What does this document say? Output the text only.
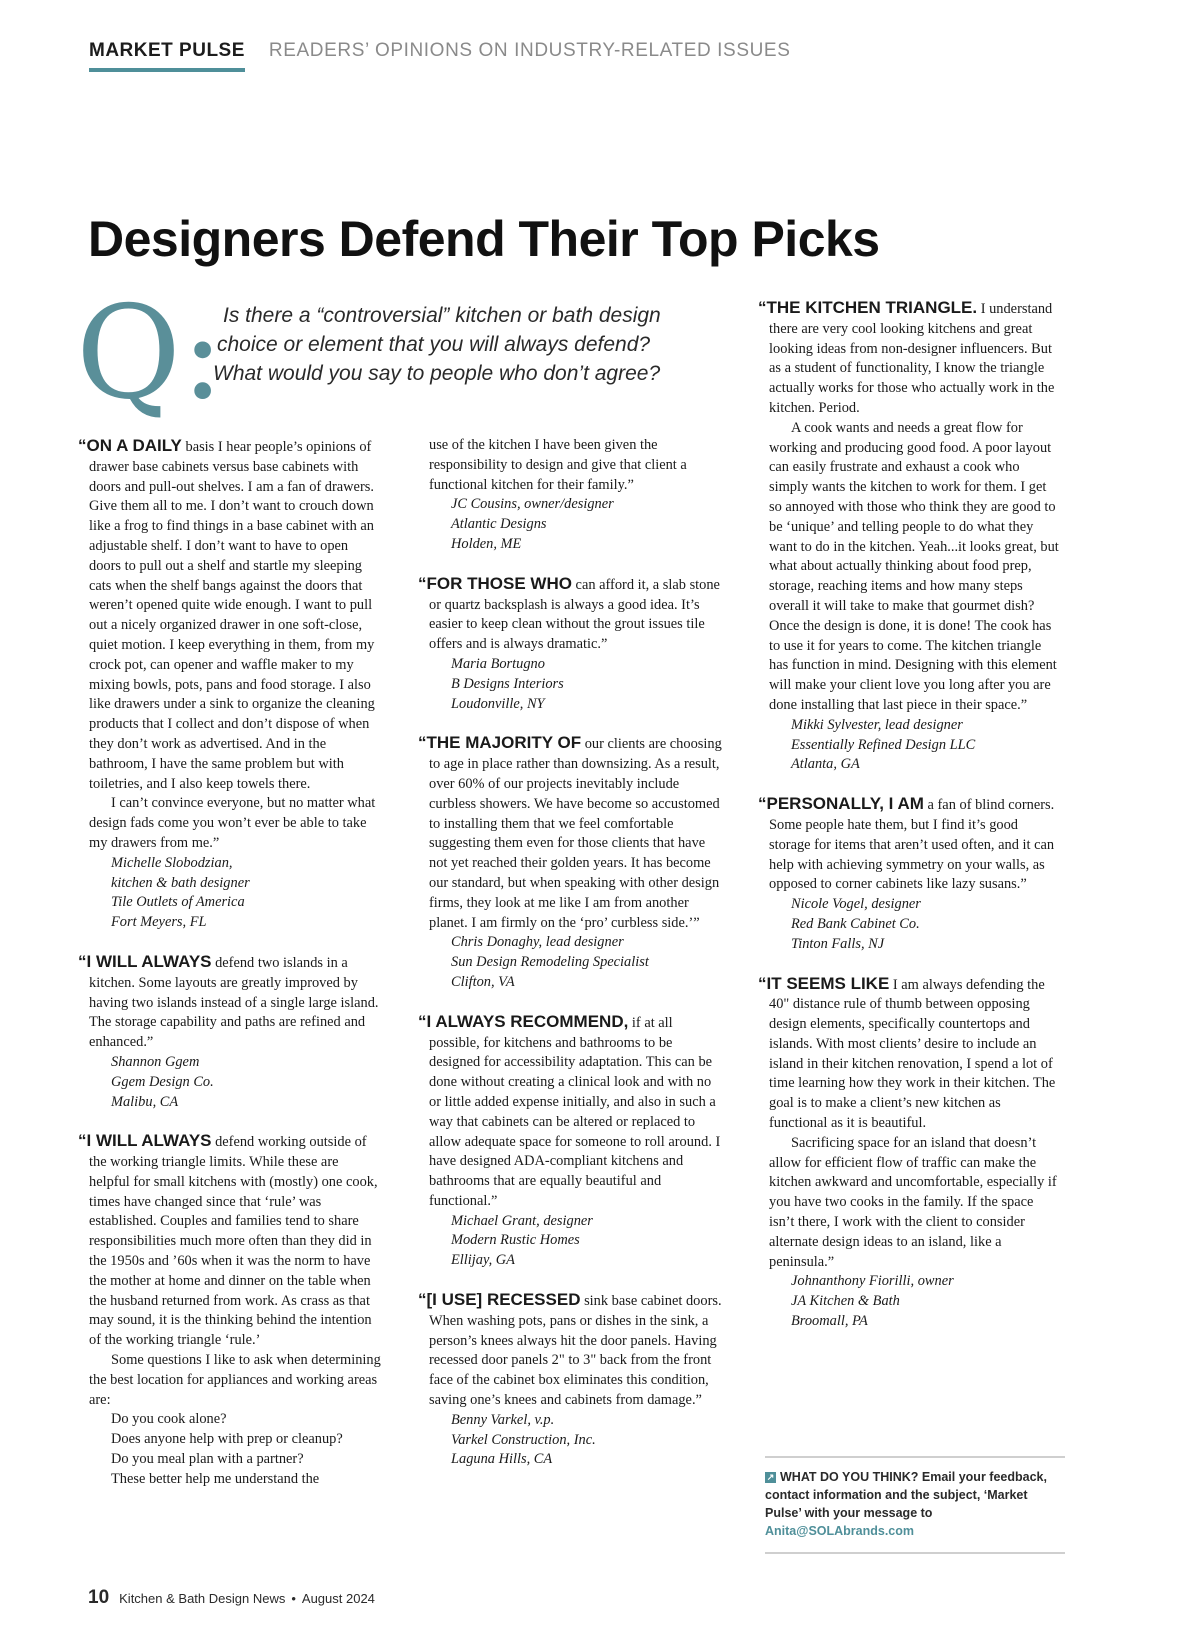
MARKET PULSE READERS’ OPINIONS ON INDUSTRY-RELATED ISSUES
Designers Defend Their Top Picks
Q:
Is there a “controversial” kitchen or bath design
choice or element that you will always defend?
What would you say to people who don’t agree?

“ON A DAILY basis I hear people’s opinions of drawer base cabinets versus base cabinets with doors and pull-out shelves. I am a fan of drawers. Give them all to me. I don’t want to crouch down like a frog to find things in a base cabinet with an adjustable shelf. I don’t want to have to open doors to pull out a shelf and startle my sleeping cats when the shelf bangs against the doors that weren’t opened quite wide enough. I want to pull out a nicely organized drawer in one soft-close, quiet motion. I keep everything in them, from my crock pot, can opener and waffle maker to my mixing bowls, pots, pans and food storage. I also like drawers under a sink to organize the cleaning products that I collect and don’t dispose of when they don’t work as advertised. And in the bathroom, I have the same problem but with toiletries, and I also keep towels there.

I can’t convince everyone, but no matter what design fads come you won’t ever be able to take my drawers from me.”

Michelle Slobodzian,
kitchen & bath designer
Tile Outlets of America
Fort Meyers, FL

“I WILL ALWAYS defend two islands in a kitchen. Some layouts are greatly improved by having two islands instead of a single large island. The storage capability and paths are refined and enhanced.”

Shannon Ggem
Ggem Design Co.
Malibu, CA

“I WILL ALWAYS defend working outside of the working triangle limits. While these are helpful for small kitchens with (mostly) one cook, times have changed since that ‘rule’ was established. Couples and families tend to share responsibilities much more often than they did in the 1950s and ’60s when it was the norm to have the mother at home and dinner on the table when the husband returned from work. As crass as that may sound, it is the thinking behind the intention of the working triangle ‘rule.’

Some questions I like to ask when determining the best location for appliances and working areas are:

Do you cook alone?
Does anyone help with prep or cleanup?
Do you meal plan with a partner?
These better help me understand the

use of the kitchen I have been given the responsibility to design and give that client a functional kitchen for their family.”

JC Cousins, owner/designer
Atlantic Designs
Holden, ME

“FOR THOSE WHO can afford it, a slab stone or quartz backsplash is always a good idea. It’s easier to keep clean without the grout issues tile offers and is always dramatic.”

Maria Bortugno
B Designs Interiors
Loudonville, NY

“THE MAJORITY OF our clients are choosing to age in place rather than downsizing. As a result, over 60% of our projects inevitably include curbless showers. We have become so accustomed to installing them that we feel comfortable suggesting them even for those clients that have not yet reached their golden years. It has become our standard, but when speaking with other design firms, they look at me like I am from another planet. I am firmly on the ‘pro’ curbless side.’”

Chris Donaghy, lead designer
Sun Design Remodeling Specialist
Clifton, VA

“I ALWAYS RECOMMEND, if at all possible, for kitchens and bathrooms to be designed for accessibility adaptation. This can be done without creating a clinical look and with no or little added expense initially, and also in such a way that cabinets can be altered or replaced to allow adequate space for someone to roll around. I have designed ADA-compliant kitchens and bathrooms that are equally beautiful and functional.”

Michael Grant, designer
Modern Rustic Homes
Ellijay, GA

“[I USE] RECESSED sink base cabinet doors. When washing pots, pans or dishes in the sink, a person’s knees always hit the door panels. Having recessed door panels 2" to 3" back from the front face of the cabinet box eliminates this condition, saving one’s knees and cabinets from damage.”

Benny Varkel, v.p.
Varkel Construction, Inc.
Laguna Hills, CA

“THE KITCHEN TRIANGLE. I understand there are very cool looking kitchens and great looking ideas from non-designer influencers. But as a student of functionality, I know the triangle actually works for those who actually work in the kitchen. Period.

A cook wants and needs a great flow for working and producing good food. A poor layout can easily frustrate and exhaust a cook who simply wants the kitchen to work for them. I get so annoyed with those who think they are good to be ‘unique’ and telling people to do what they want to do in the kitchen. Yeah...it looks great, but what about actually thinking about food prep, storage, reaching items and how many steps overall it will take to make that gourmet dish? Once the design is done, it is done! The cook has to use it for years to come. The kitchen triangle has function in mind. Designing with this element will make your client love you long after you are done installing that last piece in their space.”

Mikki Sylvester, lead designer
Essentially Refined Design LLC
Atlanta, GA

“PERSONALLY, I AM a fan of blind corners. Some people hate them, but I find it’s good storage for items that aren’t used often, and it can help with achieving symmetry on your walls, as opposed to corner cabinets like lazy susans.”

Nicole Vogel, designer
Red Bank Cabinet Co.
Tinton Falls, NJ

“IT SEEMS LIKE I am always defending the 40" distance rule of thumb between opposing design elements, specifically countertops and islands. With most clients’ desire to include an island in their kitchen renovation, I spend a lot of time learning how they work in their kitchen. The goal is to make a client’s new kitchen as functional as it is beautiful.

Sacrificing space for an island that doesn’t allow for efficient flow of traffic can make the kitchen awkward and uncomfortable, especially if you have two cooks in the family. If the space isn’t there, I work with the client to consider alternate design ideas to an island, like a peninsula.”

Johnanthony Fiorilli, owner
JA Kitchen & Bath
Broomall, PA
↗ WHAT DO YOU THINK? Email your feedback, contact information and the subject, ‘Market Pulse’ with your message to Anita@SOLAbrands.com
10 Kitchen & Bath Design News • August 2024
